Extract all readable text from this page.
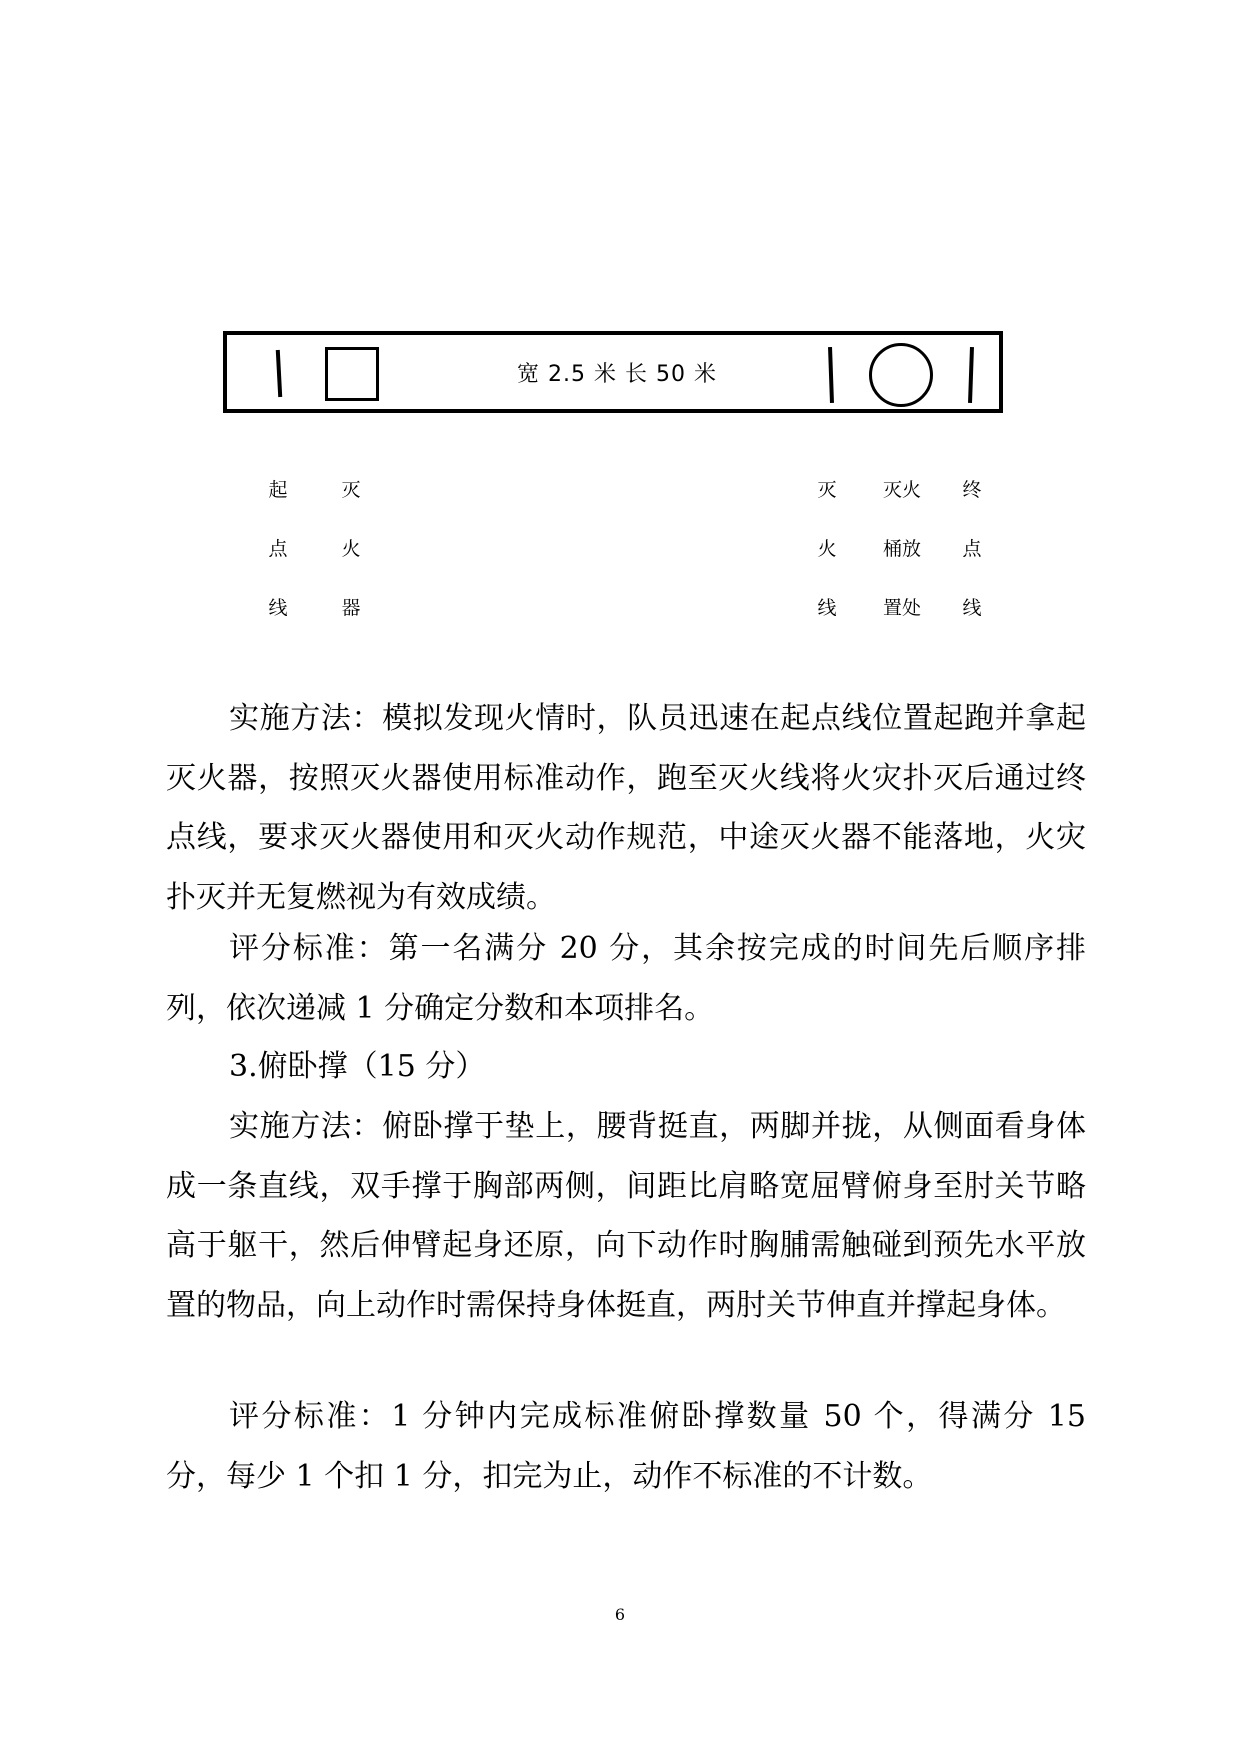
宽 2.5 米 长 50 米
起
点
线
灭
火
器
灭
火
线
灭火
桶放
置处
终
点
线

实施方法：模拟发现火情时，队员迅速在起点线位置起跑并拿起灭火器，按照灭火器使用标准动作，跑至灭火线将火灾扑灭后通过终点线，要求灭火器使用和灭火动作规范，中途灭火器不能落地，火灾扑灭并无复燃视为有效成绩。

评分标准：第一名满分 20 分，其余按完成的时间先后顺序排列，依次递减 1 分确定分数和本项排名。

3.俯卧撑（15 分）

实施方法：俯卧撑于垫上，腰背挺直，两脚并拢，从侧面看身体成一条直线，双手撑于胸部两侧，间距比肩略宽屈臂俯身至肘关节略高于躯干，然后伸臂起身还原，向下动作时胸脯需触碰到预先水平放置的物品，向上动作时需保持身体挺直，两肘关节伸直并撑起身体。

评分标准：1 分钟内完成标准俯卧撑数量 50 个，得满分 15 分，每少 1 个扣 1 分，扣完为止，动作不标准的不计数。

6
